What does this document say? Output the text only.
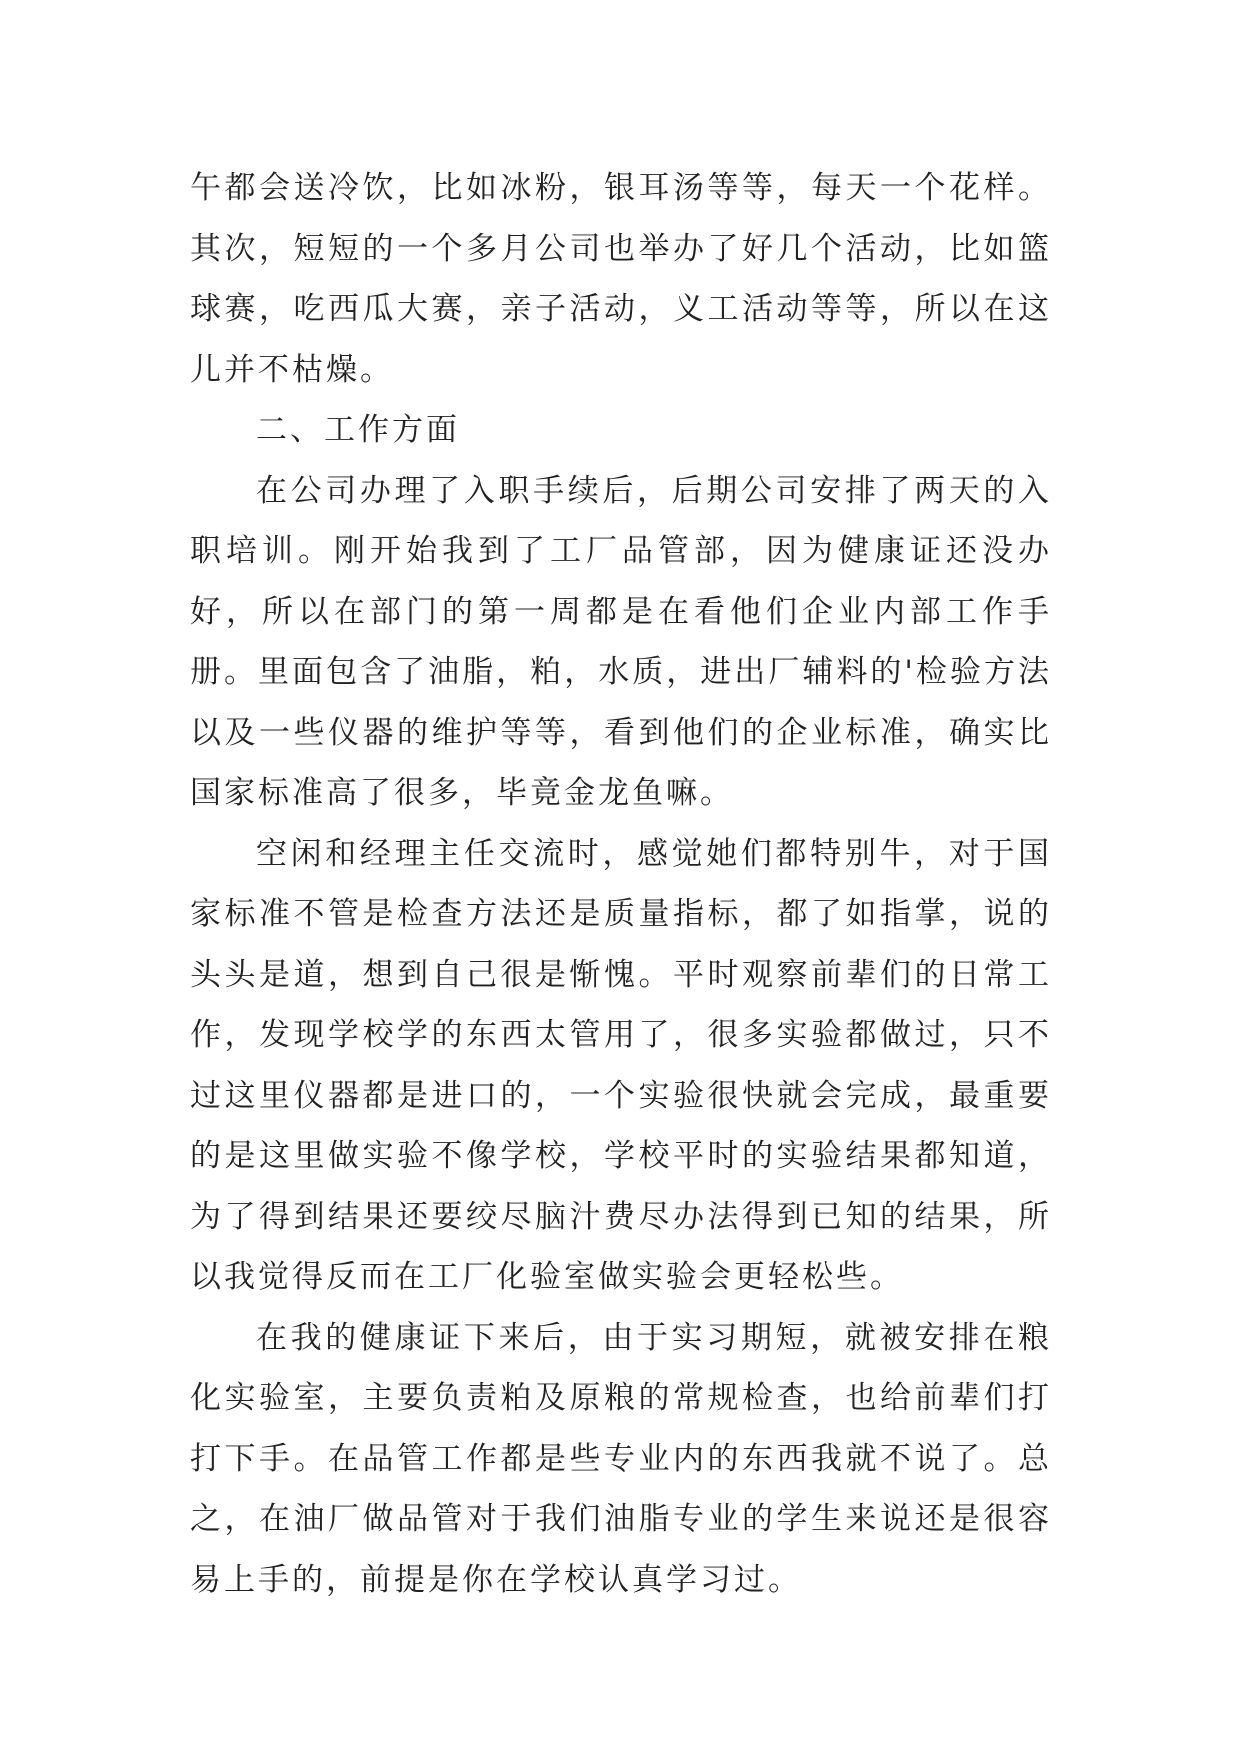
午都会送冷饮，比如冰粉，银耳汤等等，每天一个花样。其次，短短的一个多月公司也举办了好几个活动，比如篮球赛，吃西瓜大赛，亲子活动，义工活动等等，所以在这儿并不枯燥。

二、工作方面

在公司办理了入职手续后，后期公司安排了两天的入职培训。刚开始我到了工厂品管部，因为健康证还没办好，所以在部门的第一周都是在看他们企业内部工作手册。里面包含了油脂，粕，水质，进出厂辅料的'检验方法以及一些仪器的维护等等，看到他们的企业标准，确实比国家标准高了很多，毕竟金龙鱼嘛。

空闲和经理主任交流时，感觉她们都特别牛，对于国家标准不管是检查方法还是质量指标，都了如指掌，说的头头是道，想到自己很是惭愧。平时观察前辈们的日常工作，发现学校学的东西太管用了，很多实验都做过，只不过这里仪器都是进口的，一个实验很快就会完成，最重要的是这里做实验不像学校，学校平时的实验结果都知道，为了得到结果还要绞尽脑汁费尽办法得到已知的结果，所以我觉得反而在工厂化验室做实验会更轻松些。

在我的健康证下来后，由于实习期短，就被安排在粮化实验室，主要负责粕及原粮的常规检查，也给前辈们打打下手。在品管工作都是些专业内的东西我就不说了。总之，在油厂做品管对于我们油脂专业的学生来说还是很容易上手的，前提是你在学校认真学习过。
